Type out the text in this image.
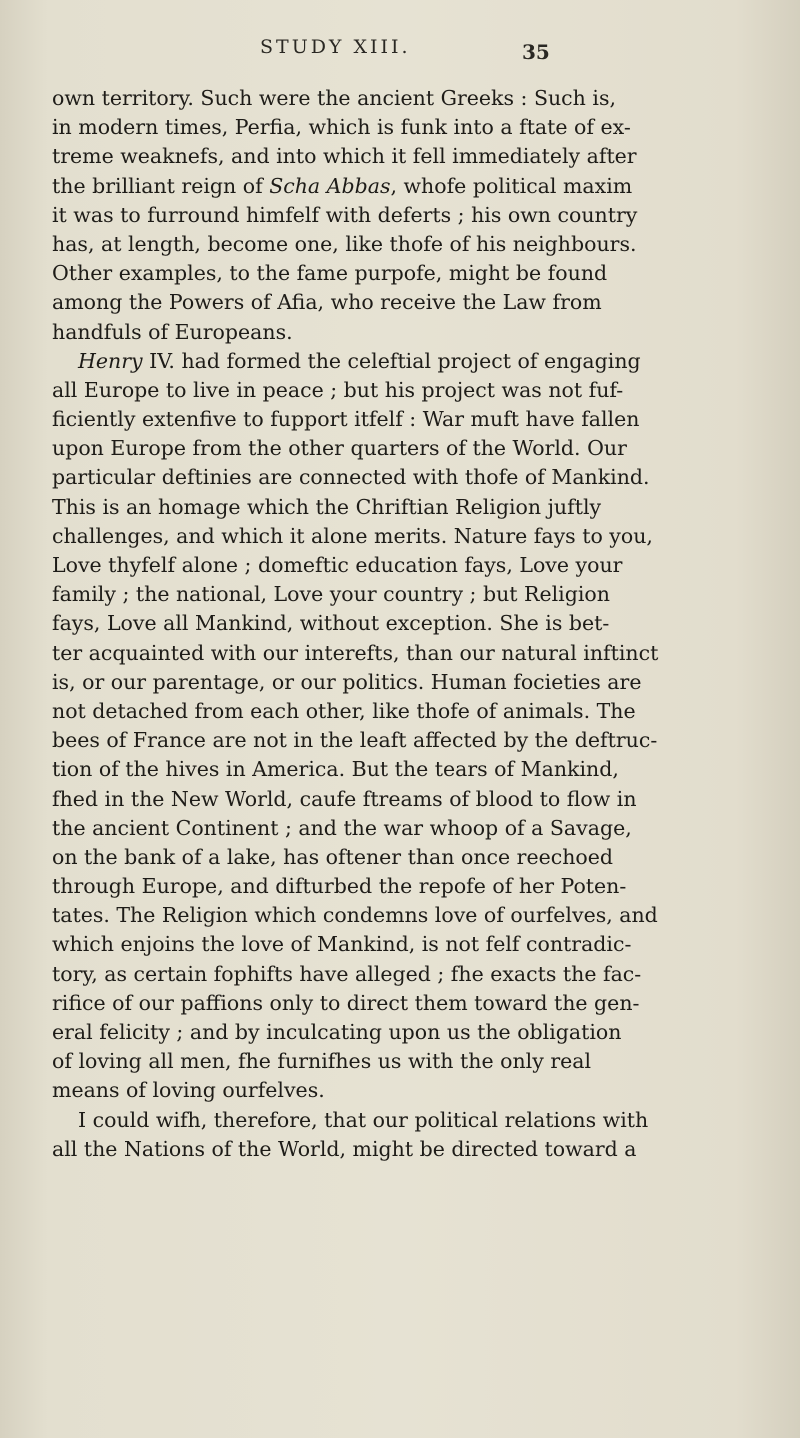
STUDY XIII.	35
own territory. Such were the ancient Greeks : Such is,
in modern times, Perfia, which is funk into a ftate of ex-
treme weaknefs, and into which it fell immediately after
the brilliant reign of Scha Abbas, whofe political maxim
it was to furround himfelf with deferts ; his own country
has, at length, become one, like thofe of his neighbours.
Other examples, to the fame purpofe, might be found
among the Powers of Afia, who receive the Law from
handfuls of Europeans.
Henry IV. had formed the celeftial project of engaging
all Europe to live in peace ; but his project was not fuf-
ficiently extenfive to fupport itfelf : War muft have fallen
upon Europe from the other quarters of the World. Our
particular deftinies are connected with thofe of Mankind.
This is an homage which the Chriftian Religion juftly
challenges, and which it alone merits. Nature fays to you,
Love thyfelf alone ; domeftic education fays, Love your
family ; the national, Love your country ; but Religion
fays, Love all Mankind, without exception. She is bet-
ter acquainted with our interefts, than our natural inftinct
is, or our parentage, or our politics. Human focieties are
not detached from each other, like thofe of animals. The
bees of France are not in the leaft affected by the deftruc-
tion of the hives in America. But the tears of Mankind,
fhed in the New World, caufe ftreams of blood to flow in
the ancient Continent ; and the war whoop of a Savage,
on the bank of a lake, has oftener than once reechoed
through Europe, and difturbed the repofe of her Poten-
tates. The Religion which condemns love of ourfelves, and
which enjoins the love of Mankind, is not felf contradic-
tory, as certain fophifts have alleged ; fhe exacts the fac-
rifice of our paffions only to direct them toward the gen-
eral felicity ; and by inculcating upon us the obligation
of loving all men, fhe furnifhes us with the only real
means of loving ourfelves.
I could wifh, therefore, that our political relations with
all the Nations of the World, might be directed toward a
